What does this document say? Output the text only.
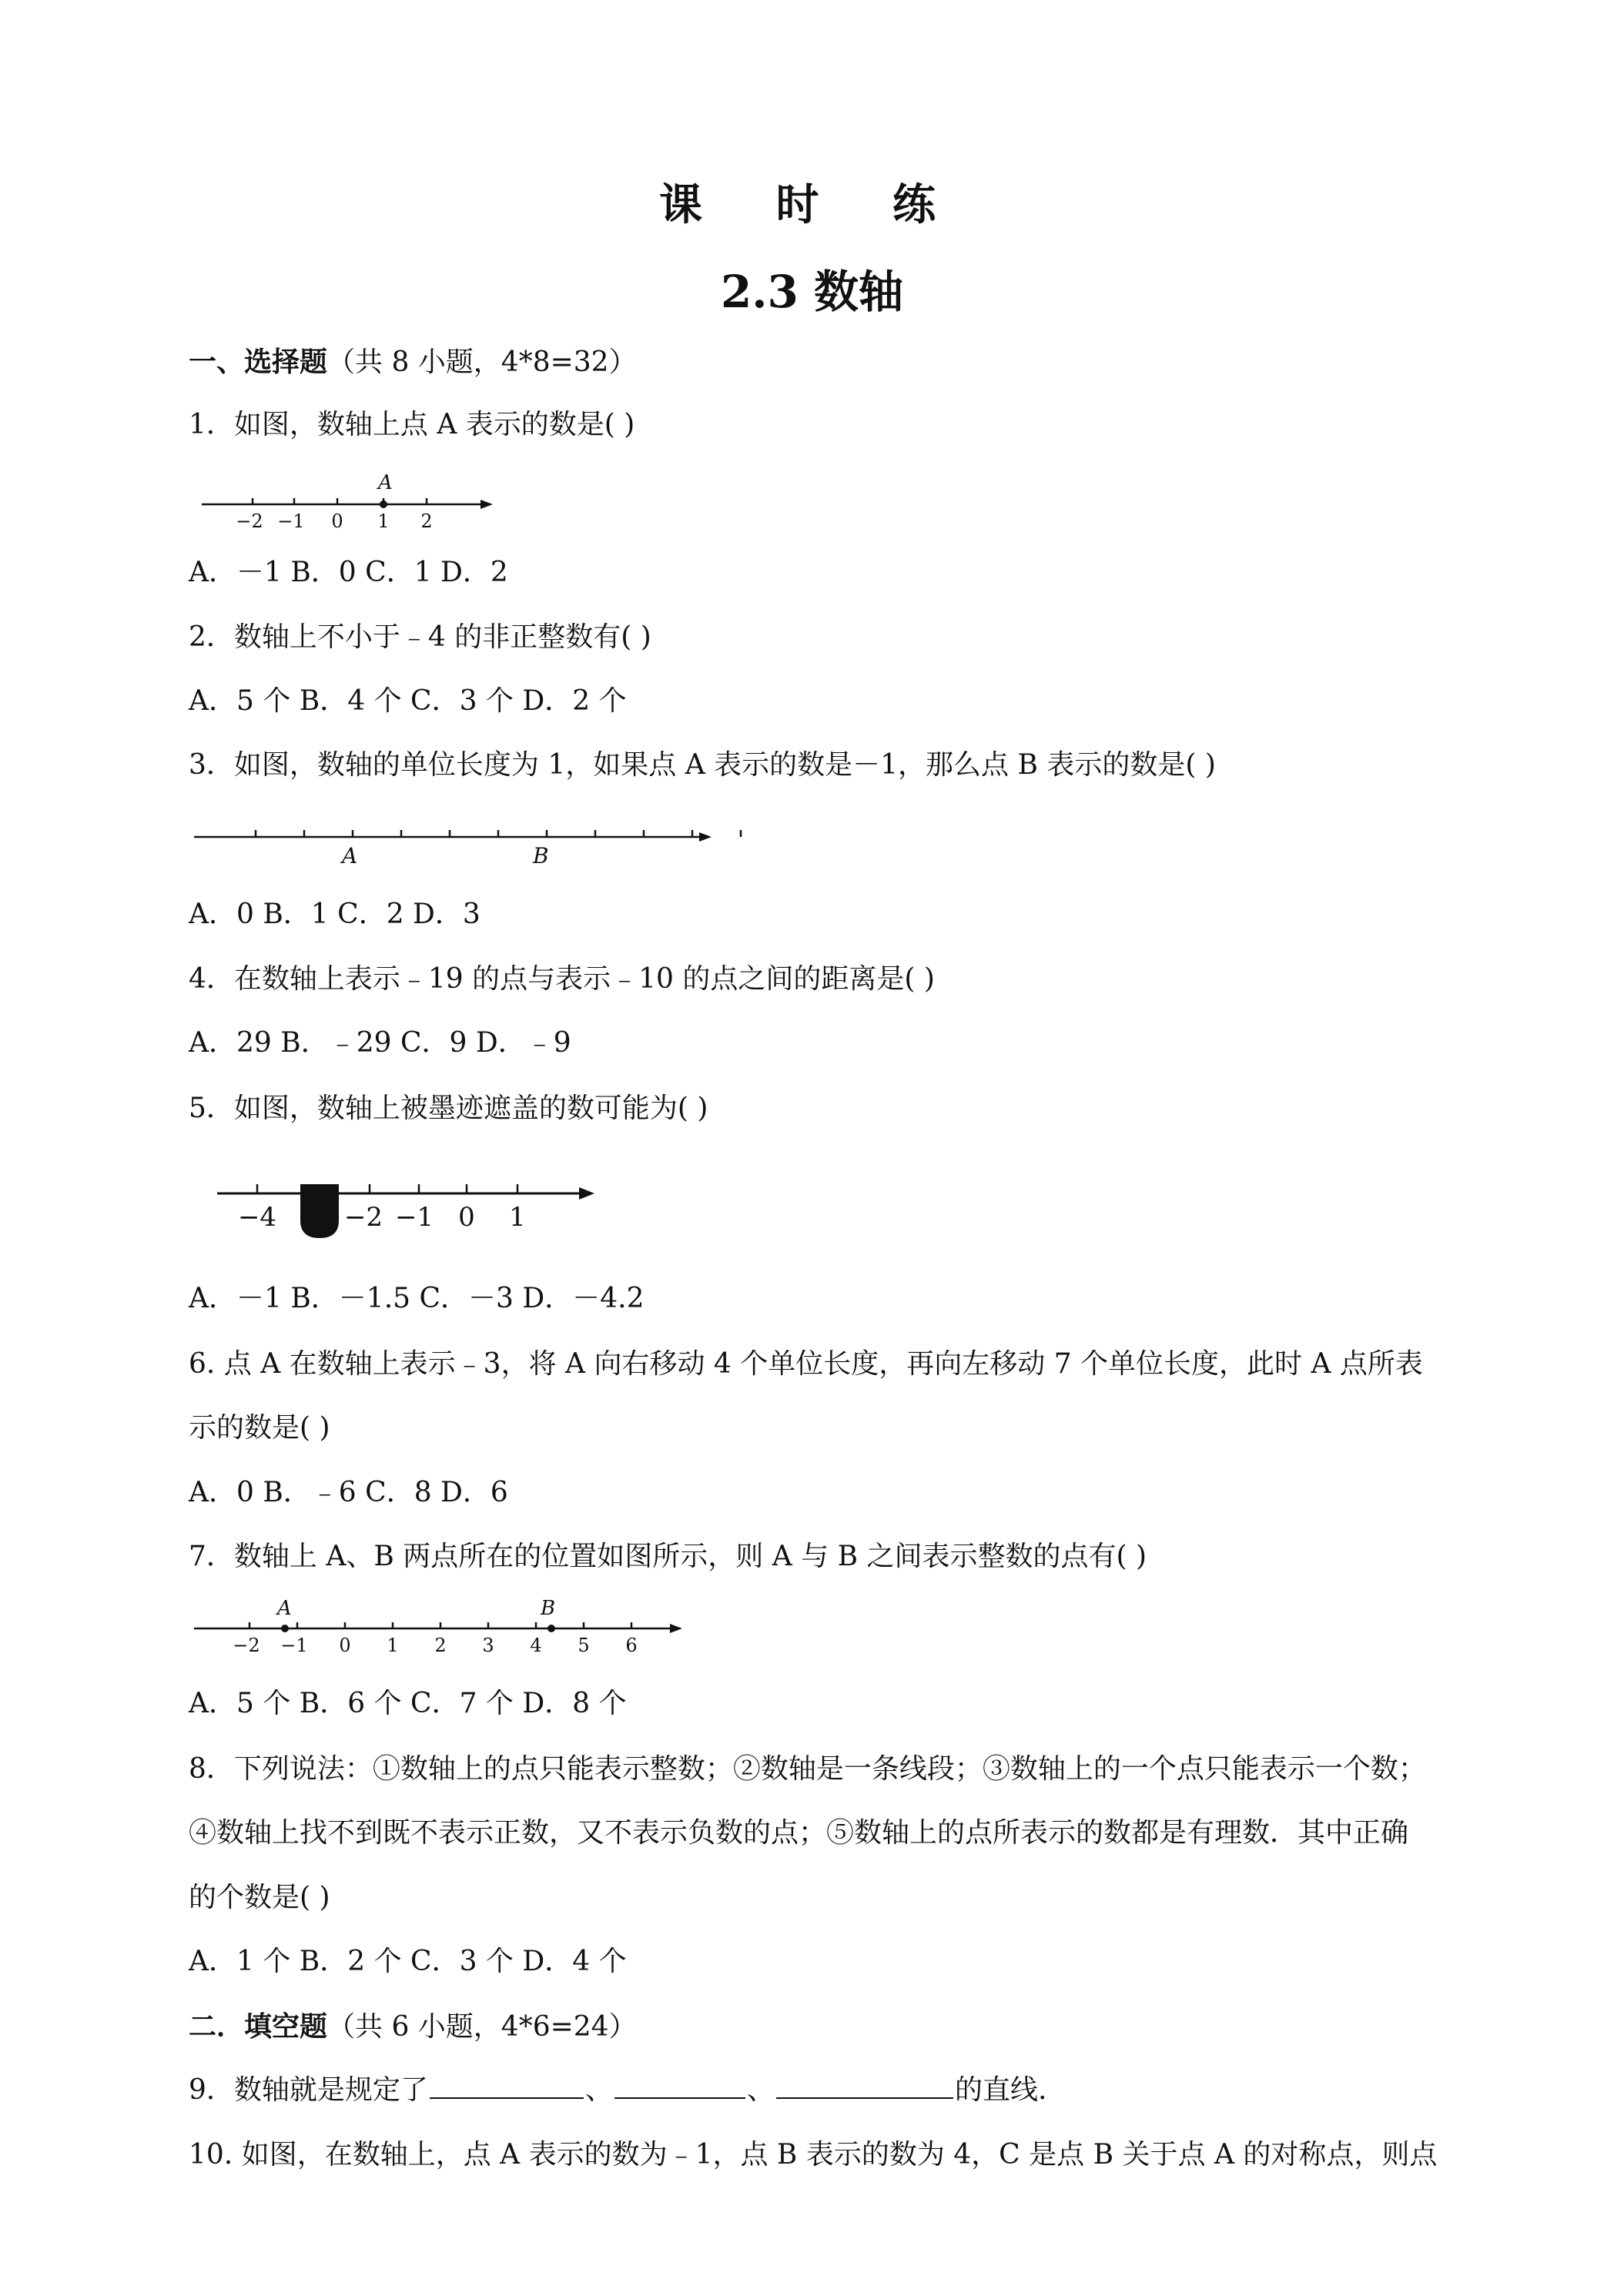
课 时 练
2.3 数轴
一、选择题（共 8 小题，4*8=32）
1．如图，数轴上点 A 表示的数是( )
−2 −1 0 1 2
A
A．－1 B．0 C．1 D．2
2．数轴上不小于﹣4 的非正整数有( )
A．5 个 B．4 个 C．3 个 D．2 个
3．如图，数轴的单位长度为 1，如果点 A 表示的数是－1，那么点 B 表示的数是( )
A	B
A．0 B．1 C．2 D．3
4．在数轴上表示﹣19 的点与表示﹣10 的点之间的距离是( )
A．29 B．﹣29 C．9 D．﹣9
5．如图，数轴上被墨迹遮盖的数可能为( )
−4	−2 −1 0 1
A．－1 B．－1.5 C．－3 D．－4.2
6. 点 A 在数轴上表示﹣3，将 A 向右移动 4 个单位长度，再向左移动 7 个单位长度，此时 A 点所表
示的数是( )
A．0 B．﹣6 C．8 D．6
7．数轴上 A、B 两点所在的位置如图所示，则 A 与 B 之间表示整数的点有( )
−2 −1 0 1 2 3 4 5 6
A	B
A．5 个 B．6 个 C．7 个 D．8 个
8．下列说法：①数轴上的点只能表示整数；②数轴是一条线段；③数轴上的一个点只能表示一个数；
④数轴上找不到既不表示正数，又不表示负数的点；⑤数轴上的点所表示的数都是有理数．其中正确
的个数是( )
A．1 个 B．2 个 C．3 个 D．4 个
二．填空题（共 6 小题，4*6=24）
9．数轴就是规定了	、	、	的直线.
10. 如图，在数轴上，点 A 表示的数为﹣1，点 B 表示的数为 4，C 是点 B 关于点 A 的对称点，则点
